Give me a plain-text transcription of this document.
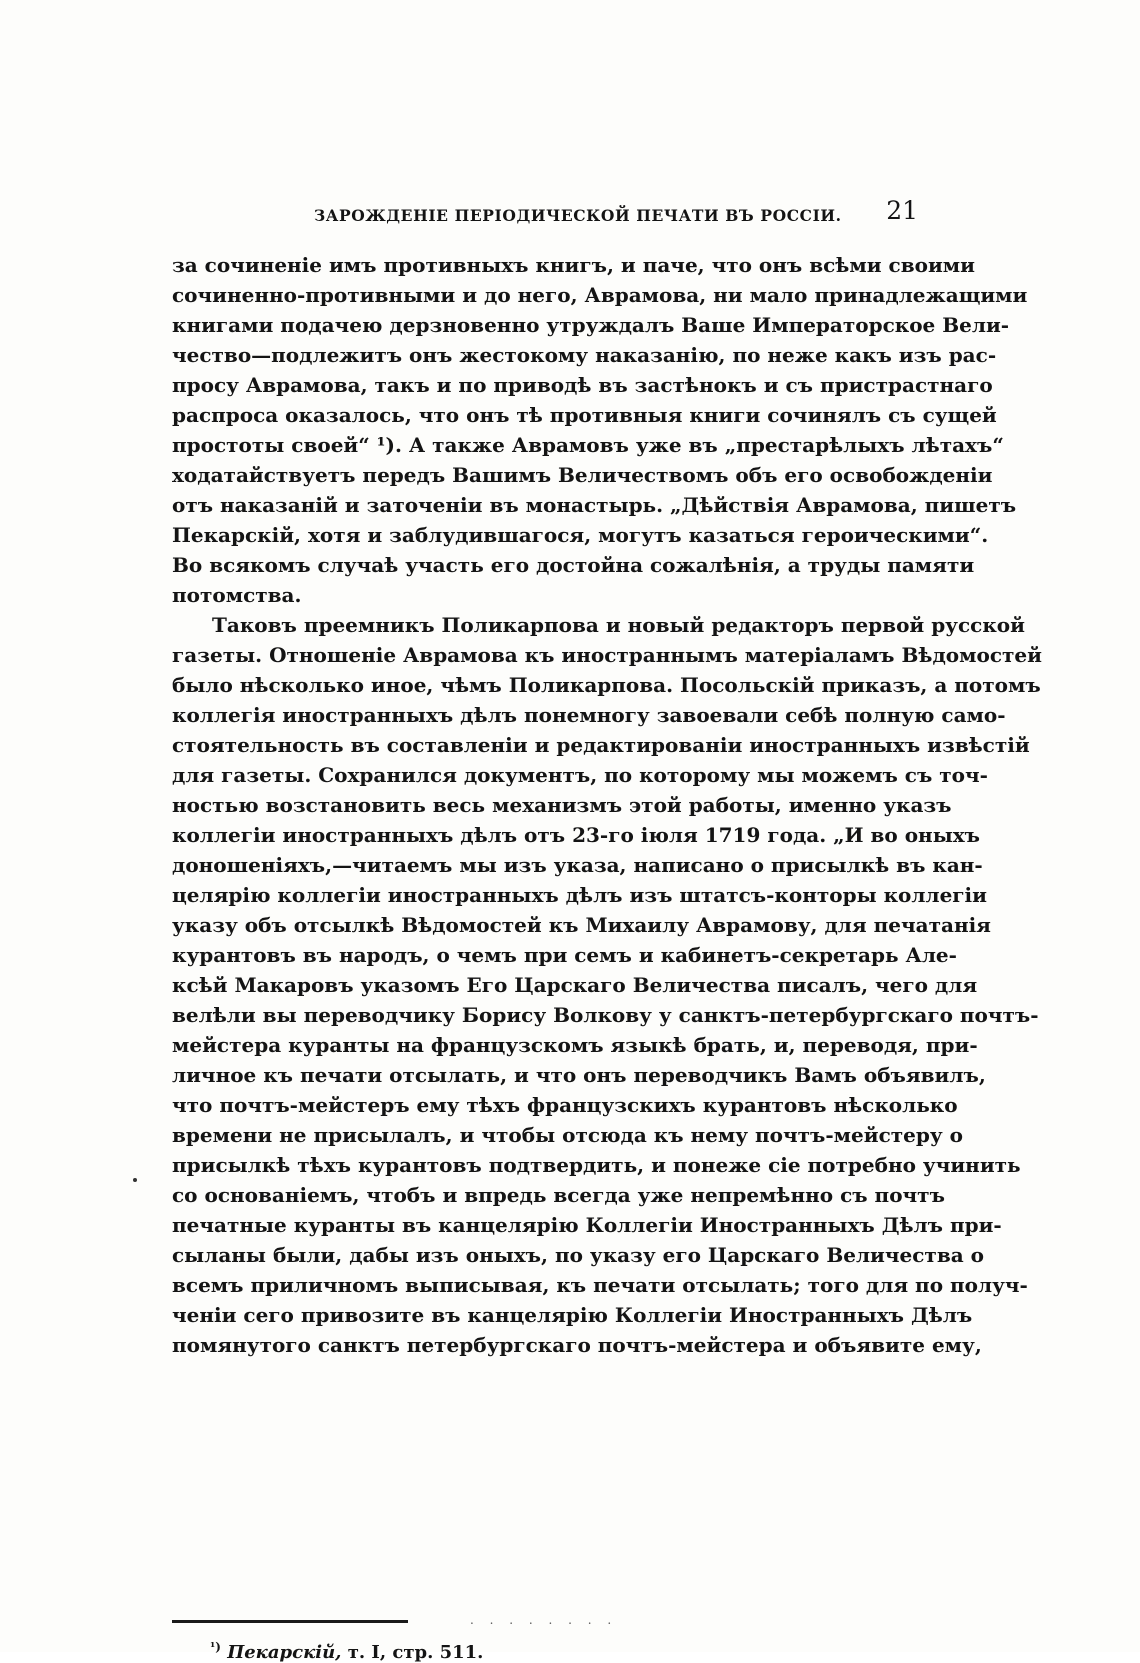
ЗАРОЖДЕНІЕ ПЕРІОДИЧЕСКОЙ ПЕЧАТИ ВЪ РОССІИ. 21
за сочиненіе имъ противныхъ книгъ, и паче, что онъ всѣми своими
сочиненно-противными и до него, Аврамова, ни мало принадлежащими
книгами подачею дерзновенно утруждалъ Ваше Императорское Вели-
чество—подлежитъ онъ жестокому наказанію, по неже какъ изъ рас-
просу Аврамова, такъ и по приводѣ въ застѣнокъ и съ пристрастнаго
распроса оказалось, что онъ тѣ противныя книги сочинялъ съ сущей
простоты своей“ ¹). А также Аврамовъ уже въ „престарѣлыхъ лѣтахъ“
ходатайствуетъ передъ Вашимъ Величествомъ объ его освобожденіи
отъ наказаній и заточеніи въ монастырь. „Дѣйствія Аврамова, пишетъ
Пекарскій, хотя и заблудившагося, могутъ казаться героическими“.
Во всякомъ случаѣ участь его достойна сожалѣнія, а труды памяти
потомства.
Таковъ преемникъ Поликарпова и новый редакторъ первой русской
газеты. Отношеніе Аврамова къ иностраннымъ матеріаламъ Вѣдомостей
было нѣсколько иное, чѣмъ Поликарпова. Посольскій приказъ, а потомъ
коллегія иностранныхъ дѣлъ понемногу завоевали себѣ полную само-
стоятельность въ составленіи и редактированіи иностранныхъ извѣстій
для газеты. Сохранился документъ, по которому мы можемъ съ точ-
ностью возстановить весь механизмъ этой работы, именно указъ
коллегіи иностранныхъ дѣлъ отъ 23-го іюля 1719 года. „И во оныхъ
доношеніяхъ,—читаемъ мы изъ указа, написано о присылкѣ въ кан-
целярію коллегіи иностранныхъ дѣлъ изъ штатсъ-конторы коллегіи
указу объ отсылкѣ Вѣдомостей къ Михаилу Аврамову, для печатанія
курантовъ въ народъ, о чемъ при семъ и кабинетъ-секретарь Але-
ксѣй Макаровъ указомъ Его Царскаго Величества писалъ, чего для
велѣли вы переводчику Борису Волкову у санктъ-петербургскаго почтъ-
мейстера куранты на французскомъ языкѣ брать, и, переводя, при-
личное къ печати отсылать, и что онъ переводчикъ Вамъ объявилъ,
что почтъ-мейстеръ ему тѣхъ французскихъ курантовъ нѣсколько
времени не присылалъ, и чтобы отсюда къ нему почтъ-мейстеру о
присылкѣ тѣхъ курантовъ подтвердить, и понеже сіе потребно учинить
со основаніемъ, чтобъ и впредь всегда уже непремѣнно съ почтъ
печатные куранты въ канцелярію Коллегіи Иностранныхъ Дѣлъ при-
сыланы были, дабы изъ оныхъ, по указу его Царскаго Величества о
всемъ приличномъ выписывая, къ печати отсылать; того для по получ-
ченіи сего привозите въ канцелярію Коллегіи Иностранныхъ Дѣлъ
помянутого санктъ петербургскаго почтъ-мейстера и объявите ему,
. . . . . . . .
$^{^1)}$ Пекарскій, т. I, стр. 511.
